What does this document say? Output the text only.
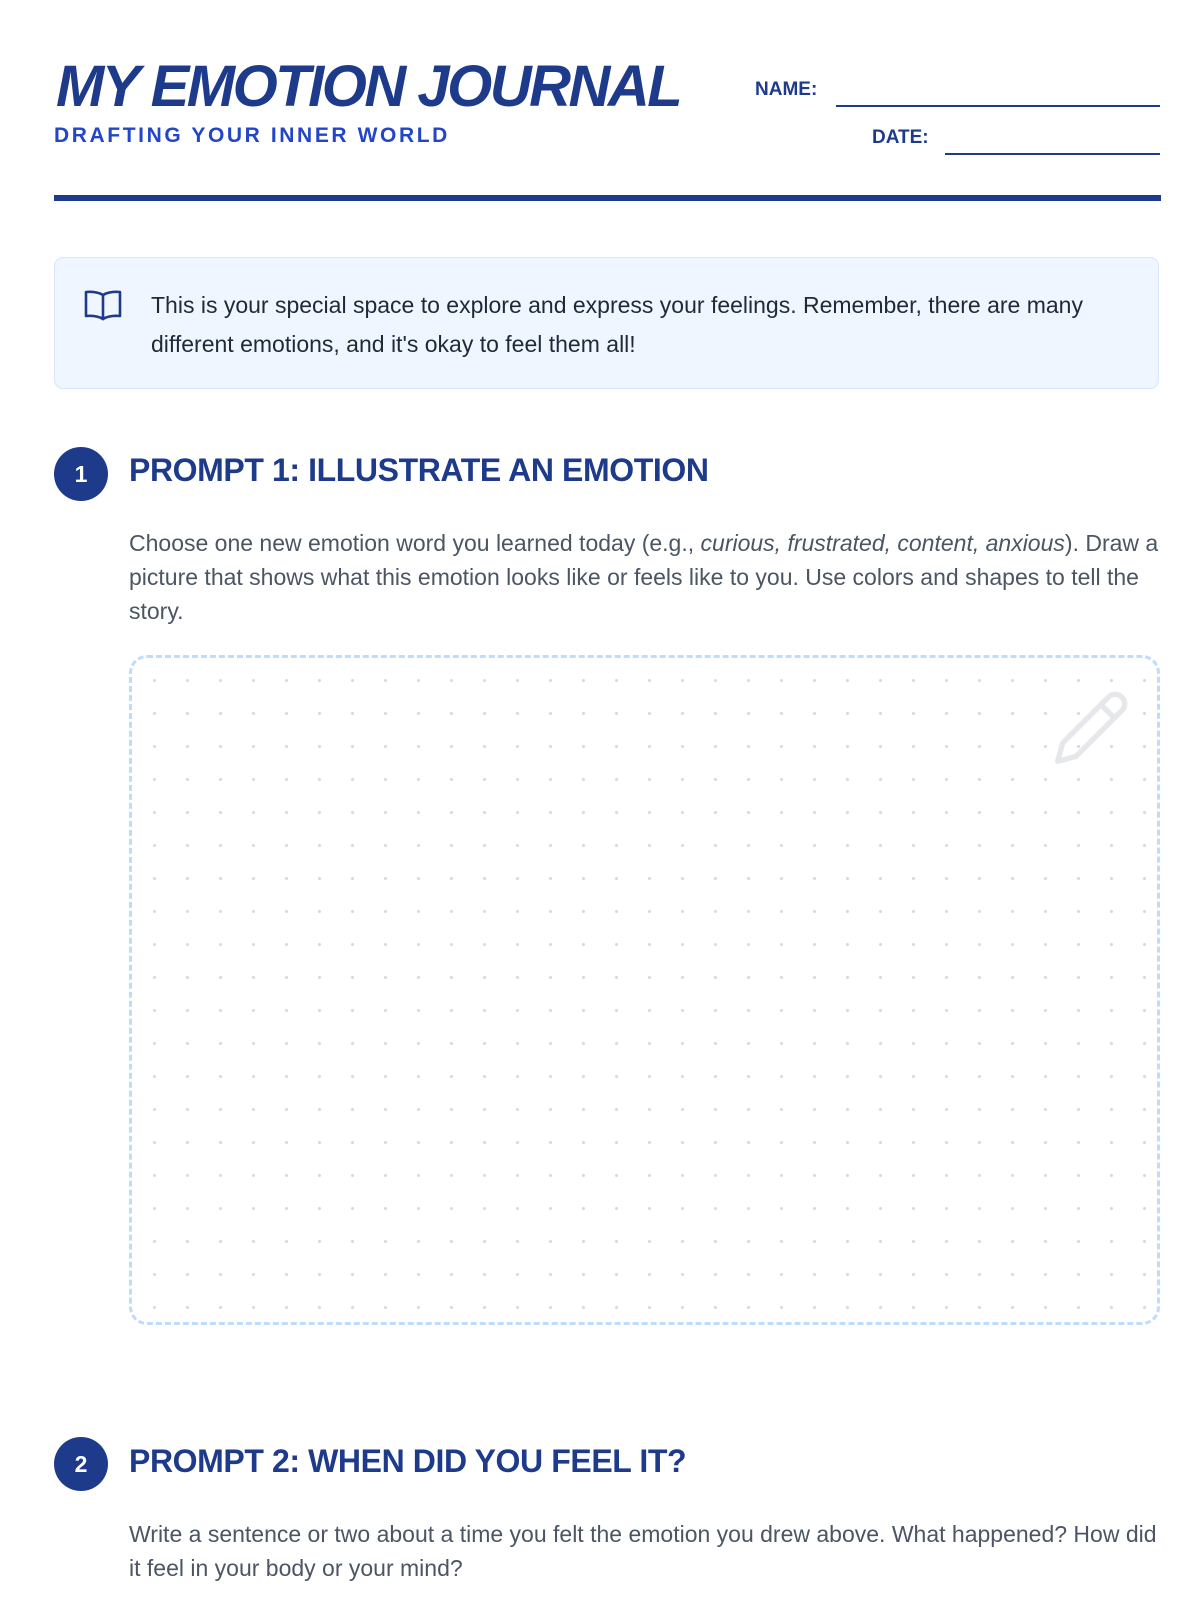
MY EMOTION JOURNAL
DRAFTING YOUR INNER WORLD
NAME:
DATE:
This is your special space to explore and express your feelings. Remember, there are many different emotions, and it's okay to feel them all!
1	PROMPT 1: ILLUSTRATE AN EMOTION
Choose one new emotion word you learned today (e.g., curious, frustrated, content, anxious). Draw a picture that shows what this emotion looks like or feels like to you. Use colors and shapes to tell the story.
2	PROMPT 2: WHEN DID YOU FEEL IT?
Write a sentence or two about a time you felt the emotion you drew above. What happened? How did it feel in your body or your mind?
